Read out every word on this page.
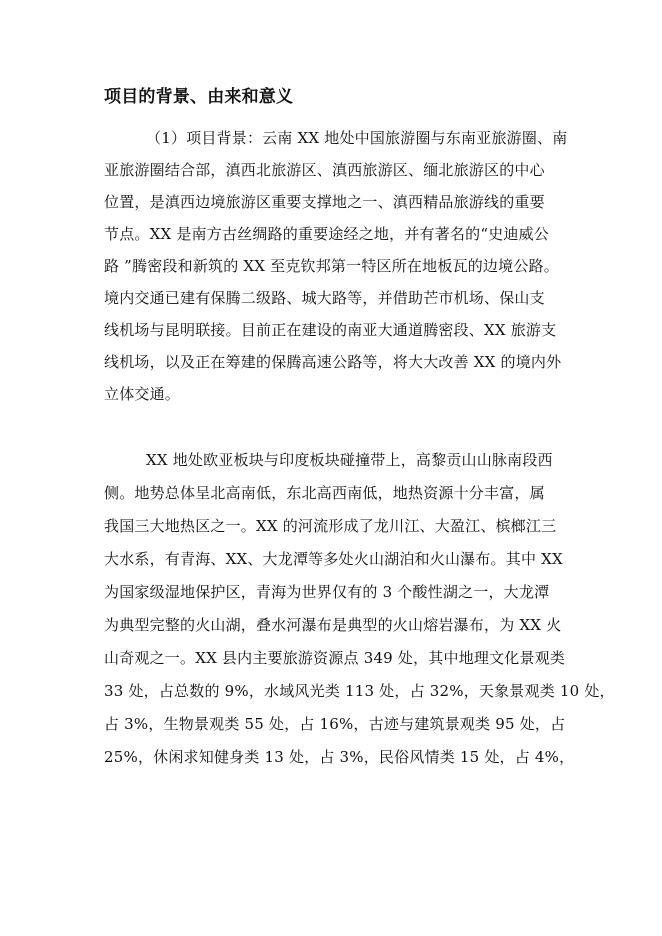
项目的背景、由来和意义
（1）项目背景：云南 XX 地处中国旅游圈与东南亚旅游圈、南
亚旅游圈结合部，滇西北旅游区、滇西旅游区、缅北旅游区的中心
位置，是滇西边境旅游区重要支撑地之一、滇西精品旅游线的重要
节点。XX 是南方古丝绸路的重要途经之地，并有著名的“史迪威公
路 ”腾密段和新筑的 XX 至克钦邦第一特区所在地板瓦的边境公路。
境内交通已建有保腾二级路、城大路等，并借助芒市机场、保山支
线机场与昆明联接。目前正在建设的南亚大通道腾密段、XX 旅游支
线机场，以及正在筹建的保腾高速公路等，将大大改善 XX 的境内外
立体交通。
XX 地处欧亚板块与印度板块碰撞带上，高黎贡山山脉南段西
侧。地势总体呈北高南低，东北高西南低，地热资源十分丰富，属
我国三大地热区之一。XX 的河流形成了龙川江、大盈江、槟榔江三
大水系，有青海、XX、大龙潭等多处火山湖泊和火山瀑布。其中 XX
为国家级湿地保护区，青海为世界仅有的 3 个酸性湖之一，大龙潭
为典型完整的火山湖，叠水河瀑布是典型的火山熔岩瀑布，为 XX 火
山奇观之一。XX 县内主要旅游资源点 349 处，其中地理文化景观类
33 处，占总数的 9%，水域风光类 113 处，占 32%，天象景观类 10 处，
占 3%，生物景观类 55 处，占 16%，古迹与建筑景观类 95 处，占
25%，休闲求知健身类 13 处，占 3%，民俗风情类 15 处，占 4%，
